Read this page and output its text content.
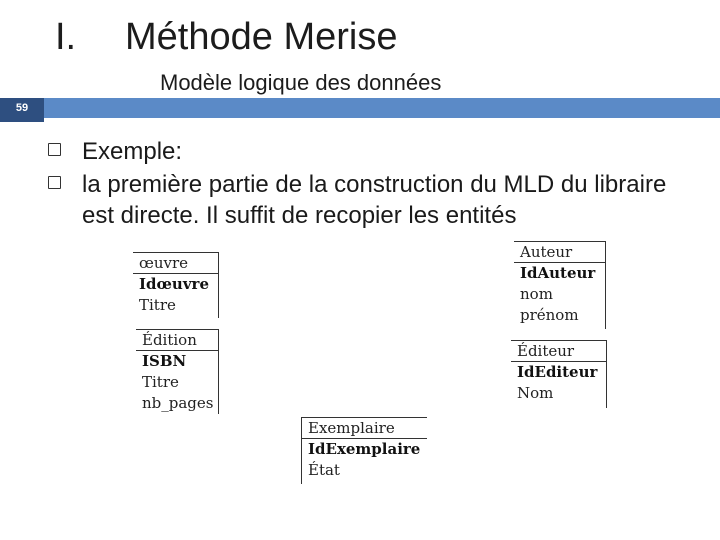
I. Méthode Merise
Modèle logique des données
59
Exemple:
la première partie de la construction du MLD du libraire est directe. Il suffit de recopier les entités
œuvre
Idœuvre
Titre
Auteur
IdAuteur
nom
prénom
Édition
ISBN
Titre
nb_pages
Éditeur
IdEditeur
Nom
Exemplaire
IdExemplaire
État
